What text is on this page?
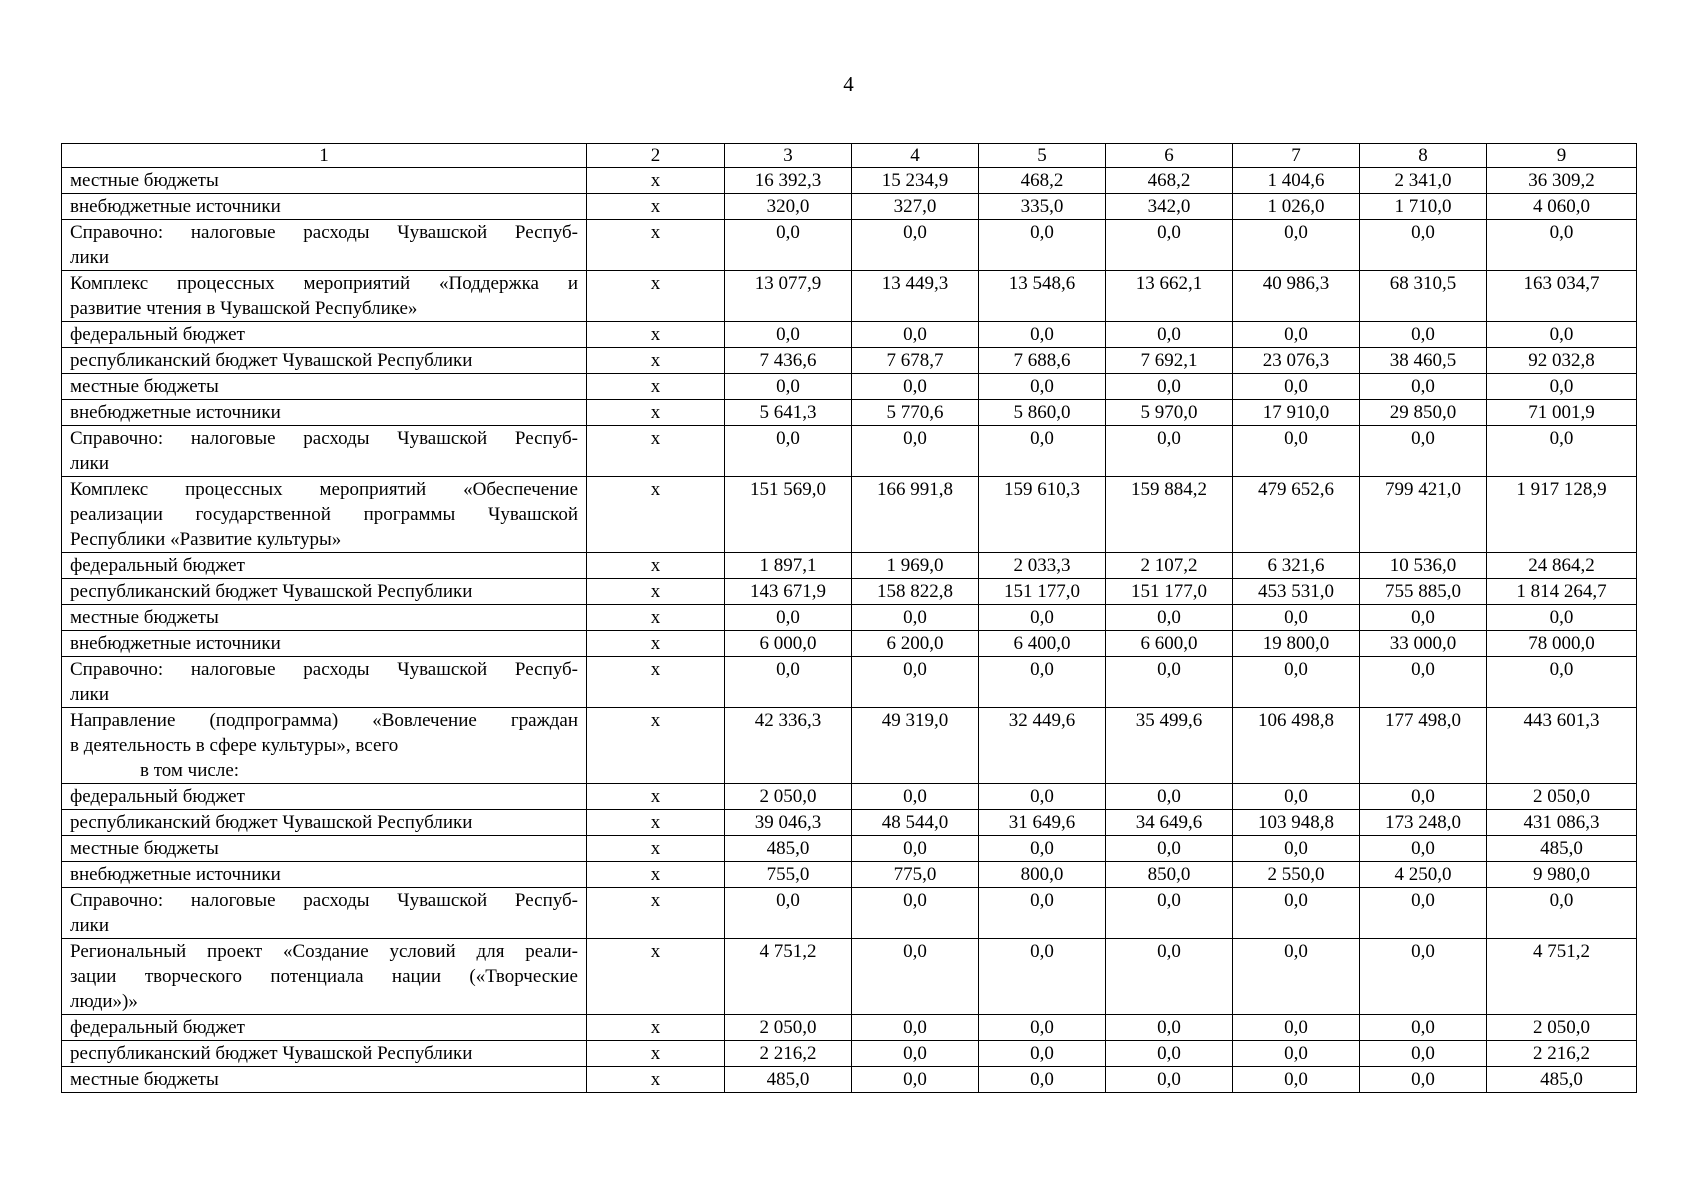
4
1	2	3	4	5	6	7	8	9

местные бюджеты	х	16 392,3	15 234,9	468,2	468,2	1 404,6	2 341,0	36 309,2

внебюджетные источники	х	320,0	327,0	335,0	342,0	1 026,0	1 710,0	4 060,0

Справочно: налоговые расходы Чувашской Респуб-
лики	х	0,0	0,0	0,0	0,0	0,0	0,0	0,0

Комплекс процессных мероприятий «Поддержка и
развитие чтения в Чувашской Республике»	х	13 077,9	13 449,3	13 548,6	13 662,1	40 986,3	68 310,5	163 034,7

федеральный бюджет	х	0,0	0,0	0,0	0,0	0,0	0,0	0,0

республиканский бюджет Чувашской Республики	х	7 436,6	7 678,7	7 688,6	7 692,1	23 076,3	38 460,5	92 032,8

местные бюджеты	х	0,0	0,0	0,0	0,0	0,0	0,0	0,0

внебюджетные источники	х	5 641,3	5 770,6	5 860,0	5 970,0	17 910,0	29 850,0	71 001,9

Справочно: налоговые расходы Чувашской Респуб-
лики	х	0,0	0,0	0,0	0,0	0,0	0,0	0,0

Комплекс процессных мероприятий «Обеспечение
реализации государственной программы Чувашской
Республики «Развитие культуры»	х	151 569,0	166 991,8	159 610,3	159 884,2	479 652,6	799 421,0	1 917 128,9

федеральный бюджет	х	1 897,1	1 969,0	2 033,3	2 107,2	6 321,6	10 536,0	24 864,2

республиканский бюджет Чувашской Республики	х	143 671,9	158 822,8	151 177,0	151 177,0	453 531,0	755 885,0	1 814 264,7

местные бюджеты	х	0,0	0,0	0,0	0,0	0,0	0,0	0,0

внебюджетные источники	х	6 000,0	6 200,0	6 400,0	6 600,0	19 800,0	33 000,0	78 000,0

Справочно: налоговые расходы Чувашской Респуб-
лики	х	0,0	0,0	0,0	0,0	0,0	0,0	0,0

Направление (подпрограмма) «Вовлечение граждан
в деятельность в сфере культуры», всего
в том числе:	х	42 336,3	49 319,0	32 449,6	35 499,6	106 498,8	177 498,0	443 601,3

федеральный бюджет	х	2 050,0	0,0	0,0	0,0	0,0	0,0	2 050,0

республиканский бюджет Чувашской Республики	х	39 046,3	48 544,0	31 649,6	34 649,6	103 948,8	173 248,0	431 086,3

местные бюджеты	х	485,0	0,0	0,0	0,0	0,0	0,0	485,0

внебюджетные источники	х	755,0	775,0	800,0	850,0	2 550,0	4 250,0	9 980,0

Справочно: налоговые расходы Чувашской Респуб-
лики	х	0,0	0,0	0,0	0,0	0,0	0,0	0,0

Региональный проект «Создание условий для реали-
зации творческого потенциала нации («Творческие
люди»)»	х	4 751,2	0,0	0,0	0,0	0,0	0,0	4 751,2

федеральный бюджет	х	2 050,0	0,0	0,0	0,0	0,0	0,0	2 050,0

республиканский бюджет Чувашской Республики	х	2 216,2	0,0	0,0	0,0	0,0	0,0	2 216,2

местные бюджеты	х	485,0	0,0	0,0	0,0	0,0	0,0	485,0
